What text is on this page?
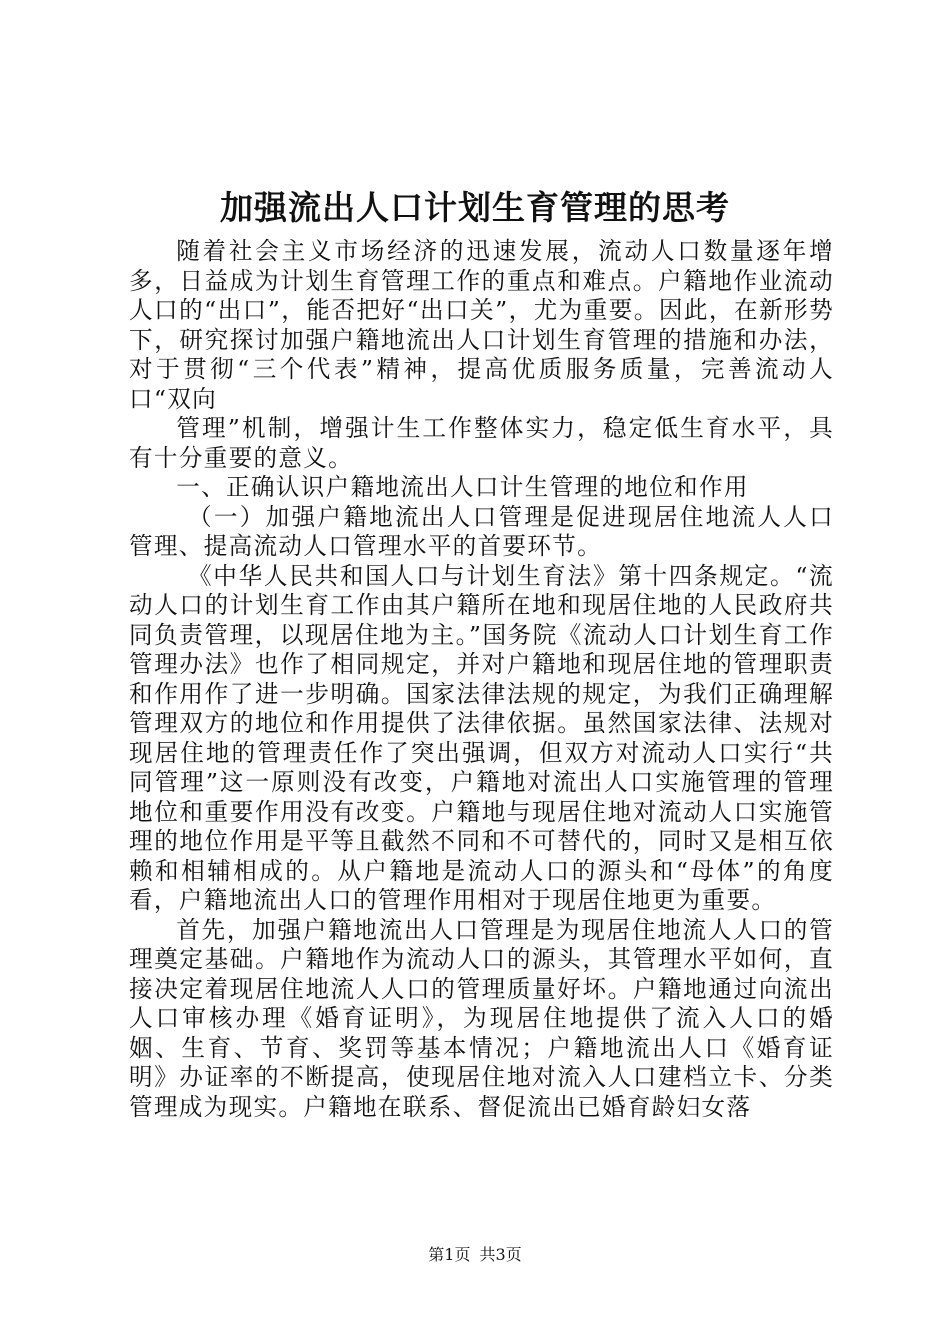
加强流出人口计划生育管理的思考

随着社会主义市场经济的迅速发展，流动人口数量逐年增多，日益成为计划生育管理工作的重点和难点。户籍地作业流动人口的“出口”，能否把好“出口关”，尤为重要。因此，在新形势下，研究探讨加强户籍地流出人口计划生育管理的措施和办法，对于贯彻“三个代表”精神，提高优质服务质量，完善流动人口“双向

管理”机制，增强计生工作整体实力，稳定低生育水平，具有十分重要的意义。

一、正确认识户籍地流出人口计生管理的地位和作用

（一）加强户籍地流出人口管理是促进现居住地流人人口管理、提高流动人口管理水平的首要环节。

《中华人民共和国人口与计划生育法》第十四条规定。“流动人口的计划生育工作由其户籍所在地和现居住地的人民政府共同负责管理，以现居住地为主。”国务院《流动人口计划生育工作管理办法》也作了相同规定，并对户籍地和现居住地的管理职责和作用作了进一步明确。国家法律法规的规定，为我们正确理解管理双方的地位和作用提供了法律依据。虽然国家法律、法规对现居住地的管理责任作了突出强调，但双方对流动人口实行“共同管理”这一原则没有改变，户籍地对流出人口实施管理的管理地位和重要作用没有改变。户籍地与现居住地对流动人口实施管理的地位作用是平等且截然不同和不可替代的，同时又是相互依赖和相辅相成的。从户籍地是流动人口的源头和“母体”的角度看，户籍地流出人口的管理作用相对于现居住地更为重要。

首先，加强户籍地流出人口管理是为现居住地流人人口的管理奠定基础。户籍地作为流动人口的源头，其管理水平如何，直接决定着现居住地流人人口的管理质量好坏。户籍地通过向流出人口审核办理《婚育证明》，为现居住地提供了流入人口的婚姻、生育、节育、奖罚等基本情况；户籍地流出人口《婚育证明》办证率的不断提高，使现居住地对流入人口建档立卡、分类管理成为现实。户籍地在联系、督促流出已婚育龄妇女落

第1页 共3页
